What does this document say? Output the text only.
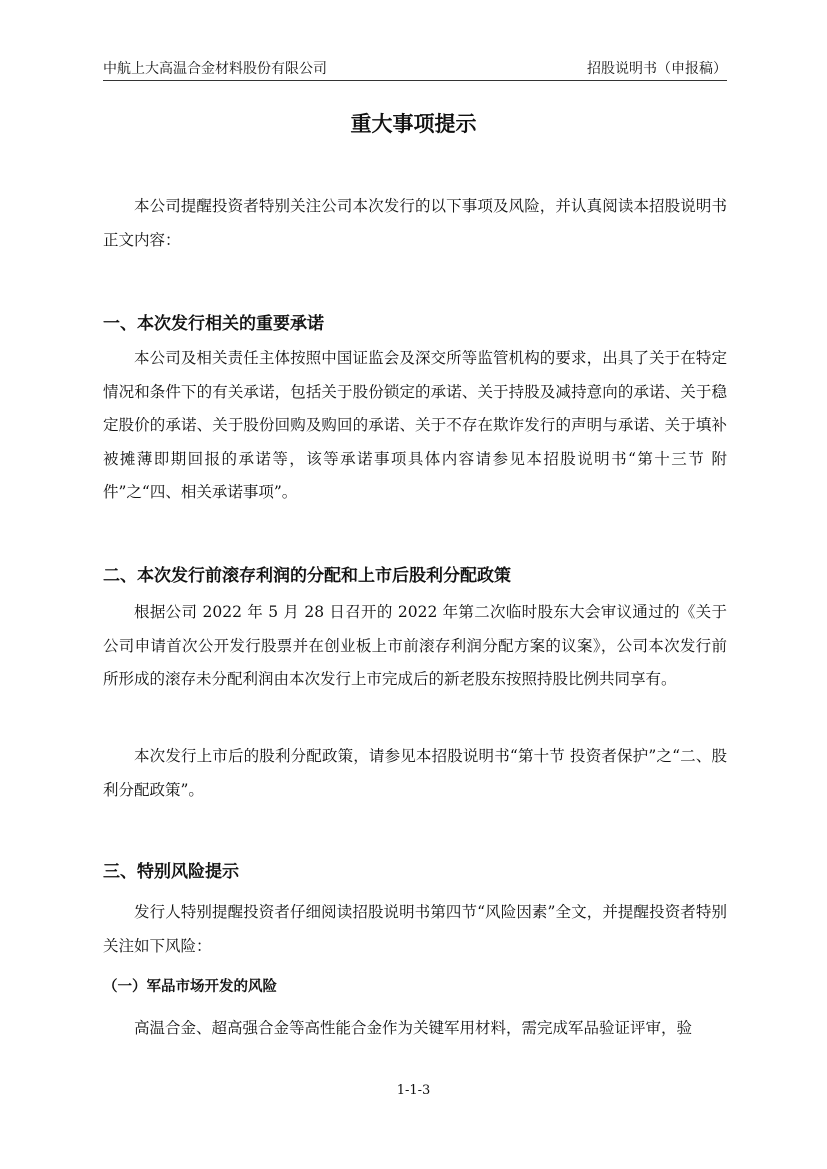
中航上大高温合金材料股份有限公司	招股说明书（申报稿）
重大事项提示

本公司提醒投资者特别关注公司本次发行的以下事项及风险，并认真阅读本招股说明书正文内容：

一、本次发行相关的重要承诺

本公司及相关责任主体按照中国证监会及深交所等监管机构的要求，出具了关于在特定情况和条件下的有关承诺，包括关于股份锁定的承诺、关于持股及减持意向的承诺、关于稳定股价的承诺、关于股份回购及购回的承诺、关于不存在欺诈发行的声明与承诺、关于填补被摊薄即期回报的承诺等，该等承诺事项具体内容请参见本招股说明书“第十三节 附件”之“四、相关承诺事项”。

二、本次发行前滚存利润的分配和上市后股利分配政策

根据公司 2022 年 5 月 28 日召开的 2022 年第二次临时股东大会审议通过的《关于公司申请首次公开发行股票并在创业板上市前滚存利润分配方案的议案》，公司本次发行前所形成的滚存未分配利润由本次发行上市完成后的新老股东按照持股比例共同享有。

本次发行上市后的股利分配政策，请参见本招股说明书“第十节 投资者保护”之“二、股利分配政策”。

三、特别风险提示

发行人特别提醒投资者仔细阅读招股说明书第四节“风险因素”全文，并提醒投资者特别关注如下风险：

（一）军品市场开发的风险

高温合金、超高强合金等高性能合金作为关键军用材料，需完成军品验证评审，验

1-1-3
